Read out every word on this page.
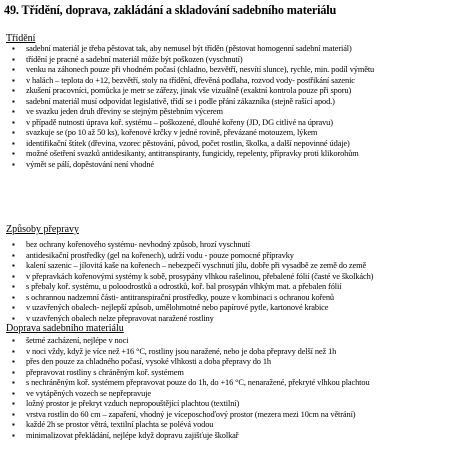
49. Třídění, doprava, zakládání a skladování sadebního materiálu
Třídění
▪ sadební materiál je třeba pěstovat tak, aby nemusel být tříděn (pěstovat homogenní sadební materiál)
▪ třídění je pracné a sadební materiál může být poškozen (vyschnutí)
▪ venku na záhonech pouze při vhodném počasí (chladno, bezvětří, nesvítí slunce), rychle, min. podíl výmětu
▪ v halách – teplota do +12, bezvětří, stoly na třídění, dřevěná podlaha, rozvod vody- postřikání sazenic
▪ zkušení pracovníci, pomůcka je metr se zářezy, jinak vše vizuálně (exaktní kontrola pouze při sporu)
▪ sadební materiál musí odpovídat legislativě, třídí se i podle přání zákazníka (stejně rašící apod.)
▪ ve svazku jeden druh dřeviny se stejným pěstebním výcerem
▪ v případě nutnosti úprava koř. systému – poškozené, dlouhé kořeny (JD, DG citlivé na úpravu)
▪ svazkuje se (po 10 až 50 ks), kořenové krčky v jedné rovině, převázané motouzem, lýkem
▪ identifikační štítek (dřevina, vzorec pěstování, původ, počet rostlin, školka, a další nepovinné údaje)
▪ možné ošetření svazků antidesikanty, antitranspiranty, fungicidy, repelenty, přípravky proti klikorohům
▪ výmět se pálí, dopěstování není vhodné
Způsoby přepravy
▪ bez ochrany kořenového systému- nevhodný způsob, hrozí vyschnutí
▪ antidesikační prostředky (gel na kořenech), udrží vodu - pouze pomocné přípravky
▪ kalení sazenic – jílovitá kaše na kořenech – nebezpečí vyschnutí jílu, dobře při vysadbě ze země do země
▪ v přepravkách kořenovými systémy k sobě, prosypány vlhkou rašelinou, přebalené fólií (časté ve školkách)
▪ s přebaly koř. systému, u poloodrostků a odrostků, koř. bal prosypán vlhkým mat. a přebalen fólií
▪ s ochrannou nadzemní části- antitranspirační prostředky, pouze v kombinaci s ochranou kořenů
▪ v uzavřených obalech- nejlepší způsob, umělohmotné nebo papírové pytle, kartonové krabice
▪ v uzavřených obalech nelze přepravovat naražené rostliny
Doprava sadebního materiálu
▪ šetrné zacházení, nejlépe v noci
▪ v noci vždy, když je více než +16 °C, rostliny jsou naražené, nebo je doba přepravy delší než 1h
▪ přes den pouze za chladného počasí, vysoké vlhkosti a doba přepravy do 1h
▪ přepravovat rostliny s chráněným koř. systémem
▪ s nechráněným koř. systémem přepravovat pouze do 1h, do +16 °C, nenaražené, překryté vlhkou plachtou
▪ ve vytápěných vozech se nepřepravuje
▪ ložný prostor je překryt vzduch nepropouštějící plachtou (textilní)
▪ vrstva rostlin do 60 cm – zapaření, vhodný je víceposchoďový prostor (mezera mezi 10cm na větrání)
▪ každé 2h se prostor větrá, textilní plachta se polévá vodou
▪ minimalizovat překládání, nejlépe když dopravu zajišťuje školkař
